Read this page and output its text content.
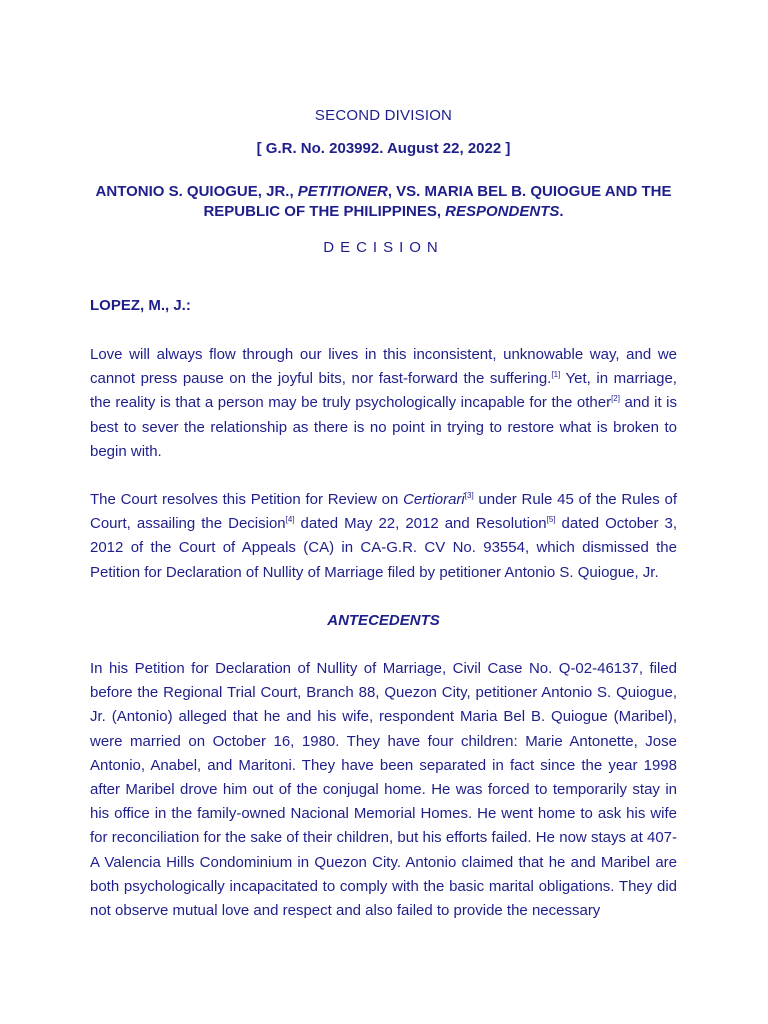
SECOND DIVISION
[ G.R. No. 203992. August 22, 2022 ]
ANTONIO S. QUIOGUE, JR., PETITIONER, VS. MARIA BEL B. QUIOGUE AND THE REPUBLIC OF THE PHILIPPINES, RESPONDENTS.
DECISION
LOPEZ, M., J.:
Love will always flow through our lives in this inconsistent, unknowable way, and we cannot press pause on the joyful bits, nor fast-forward the suffering.[1] Yet, in marriage, the reality is that a person may be truly psychologically incapable for the other[2] and it is best to sever the relationship as there is no point in trying to restore what is broken to begin with.
The Court resolves this Petition for Review on Certiorari[3] under Rule 45 of the Rules of Court, assailing the Decision[4] dated May 22, 2012 and Resolution[5] dated October 3, 2012 of the Court of Appeals (CA) in CA-G.R. CV No. 93554, which dismissed the Petition for Declaration of Nullity of Marriage filed by petitioner Antonio S. Quiogue, Jr.
ANTECEDENTS
In his Petition for Declaration of Nullity of Marriage, Civil Case No. Q-02-46137, filed before the Regional Trial Court, Branch 88, Quezon City, petitioner Antonio S. Quiogue, Jr. (Antonio) alleged that he and his wife, respondent Maria Bel B. Quiogue (Maribel), were married on October 16, 1980. They have four children: Marie Antonette, Jose Antonio, Anabel, and Maritoni. They have been separated in fact since the year 1998 after Maribel drove him out of the conjugal home. He was forced to temporarily stay in his office in the family-owned Nacional Memorial Homes. He went home to ask his wife for reconciliation for the sake of their children, but his efforts failed. He now stays at 407-A Valencia Hills Condominium in Quezon City. Antonio claimed that he and Maribel are both psychologically incapacitated to comply with the basic marital obligations. They did not observe mutual love and respect and also failed to provide the necessary
